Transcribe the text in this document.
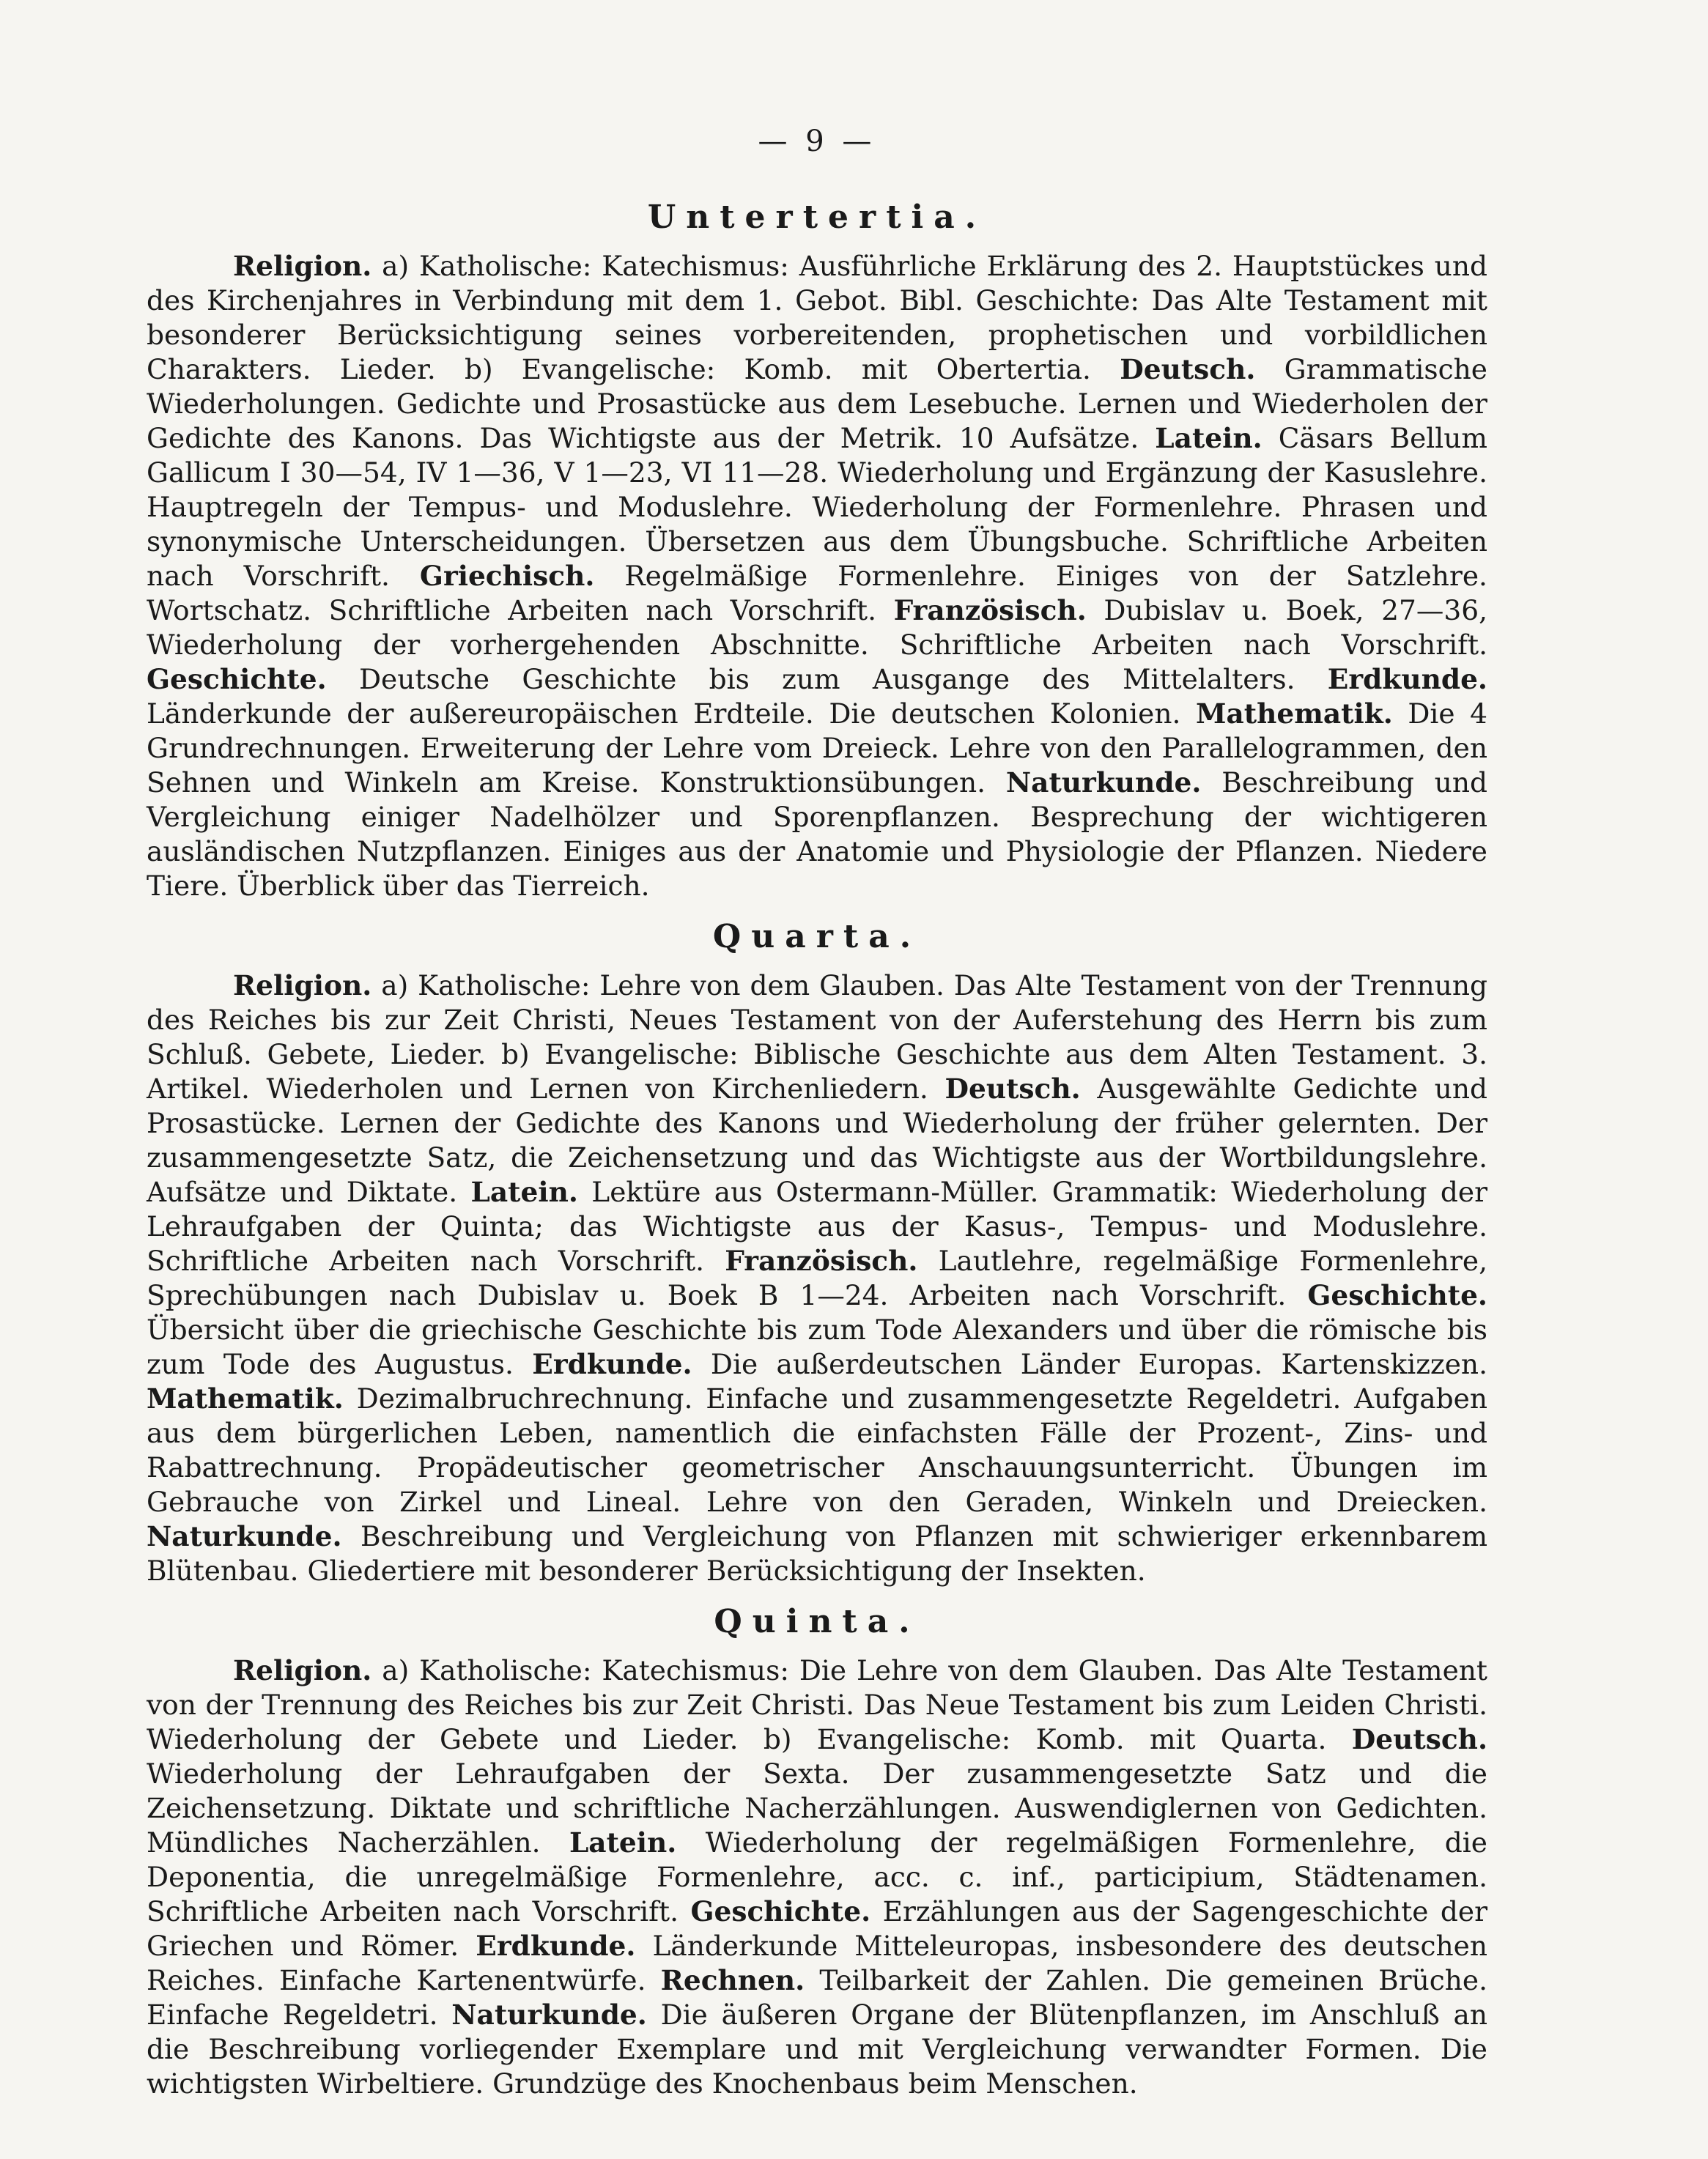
— 9 —
Untertertia.

Religion. a) Katholische: Katechismus: Ausführliche Erklärung des 2. Hauptstückes und des Kirchenjahres in Verbindung mit dem 1. Gebot. Bibl. Geschichte: Das Alte Testament mit besonderer Berücksichtigung seines vorbereitenden, prophetischen und vorbildlichen Charakters. Lieder. b) Evangelische: Komb. mit Obertertia. Deutsch. Grammatische Wiederholungen. Gedichte und Prosastücke aus dem Lesebuche. Lernen und Wiederholen der Gedichte des Kanons. Das Wichtigste aus der Metrik. 10 Aufsätze. Latein. Cäsars Bellum Gallicum I 30—54, IV 1—36, V 1—23, VI 11—28. Wiederholung und Ergänzung der Kasuslehre. Hauptregeln der Tempus- und Moduslehre. Wiederholung der Formenlehre. Phrasen und synonymische Unterscheidungen. Übersetzen aus dem Übungsbuche. Schriftliche Arbeiten nach Vorschrift. Griechisch. Regelmäßige Formenlehre. Einiges von der Satzlehre. Wortschatz. Schriftliche Arbeiten nach Vorschrift. Französisch. Dubislav u. Boek, 27—36, Wiederholung der vorhergehenden Abschnitte. Schriftliche Arbeiten nach Vorschrift. Geschichte. Deutsche Geschichte bis zum Ausgange des Mittelalters. Erdkunde. Länderkunde der außereuropäischen Erdteile. Die deutschen Kolonien. Mathematik. Die 4 Grundrechnungen. Erweiterung der Lehre vom Dreieck. Lehre von den Parallelogrammen, den Sehnen und Winkeln am Kreise. Konstruktionsübungen. Naturkunde. Beschreibung und Vergleichung einiger Nadelhölzer und Sporenpflanzen. Besprechung der wichtigeren ausländischen Nutzpflanzen. Einiges aus der Anatomie und Physiologie der Pflanzen. Niedere Tiere. Überblick über das Tierreich.

Quarta.

Religion. a) Katholische: Lehre von dem Glauben. Das Alte Testament von der Trennung des Reiches bis zur Zeit Christi, Neues Testament von der Auferstehung des Herrn bis zum Schluß. Gebete, Lieder. b) Evangelische: Biblische Geschichte aus dem Alten Testament. 3. Artikel. Wiederholen und Lernen von Kirchenliedern. Deutsch. Ausgewählte Gedichte und Prosastücke. Lernen der Gedichte des Kanons und Wiederholung der früher gelernten. Der zusammengesetzte Satz, die Zeichensetzung und das Wichtigste aus der Wortbildungslehre. Aufsätze und Diktate. Latein. Lektüre aus Ostermann-Müller. Grammatik: Wiederholung der Lehraufgaben der Quinta; das Wichtigste aus der Kasus-, Tempus- und Moduslehre. Schriftliche Arbeiten nach Vorschrift. Französisch. Lautlehre, regelmäßige Formenlehre, Sprechübungen nach Dubislav u. Boek B 1—24. Arbeiten nach Vorschrift. Geschichte. Übersicht über die griechische Geschichte bis zum Tode Alexanders und über die römische bis zum Tode des Augustus. Erdkunde. Die außerdeutschen Länder Europas. Kartenskizzen. Mathematik. Dezimalbruchrechnung. Einfache und zusammengesetzte Regeldetri. Aufgaben aus dem bürgerlichen Leben, namentlich die einfachsten Fälle der Prozent-, Zins- und Rabattrechnung. Propädeutischer geometrischer Anschauungsunterricht. Übungen im Gebrauche von Zirkel und Lineal. Lehre von den Geraden, Winkeln und Dreiecken. Naturkunde. Beschreibung und Vergleichung von Pflanzen mit schwieriger erkennbarem Blütenbau. Gliedertiere mit besonderer Berücksichtigung der Insekten.

Quinta.

Religion. a) Katholische: Katechismus: Die Lehre von dem Glauben. Das Alte Testament von der Trennung des Reiches bis zur Zeit Christi. Das Neue Testament bis zum Leiden Christi. Wiederholung der Gebete und Lieder. b) Evangelische: Komb. mit Quarta. Deutsch. Wiederholung der Lehraufgaben der Sexta. Der zusammengesetzte Satz und die Zeichensetzung. Diktate und schriftliche Nacherzählungen. Auswendiglernen von Gedichten. Mündliches Nacherzählen. Latein. Wiederholung der regelmäßigen Formenlehre, die Deponentia, die unregelmäßige Formenlehre, acc. c. inf., participium, Städtenamen. Schriftliche Arbeiten nach Vorschrift. Geschichte. Erzählungen aus der Sagengeschichte der Griechen und Römer. Erdkunde. Länderkunde Mitteleuropas, insbesondere des deutschen Reiches. Einfache Kartenentwürfe. Rechnen. Teilbarkeit der Zahlen. Die gemeinen Brüche. Einfache Regeldetri. Naturkunde. Die äußeren Organe der Blütenpflanzen, im Anschluß an die Beschreibung vorliegender Exemplare und mit Vergleichung verwandter Formen. Die wichtigsten Wirbeltiere. Grundzüge des Knochenbaus beim Menschen.
